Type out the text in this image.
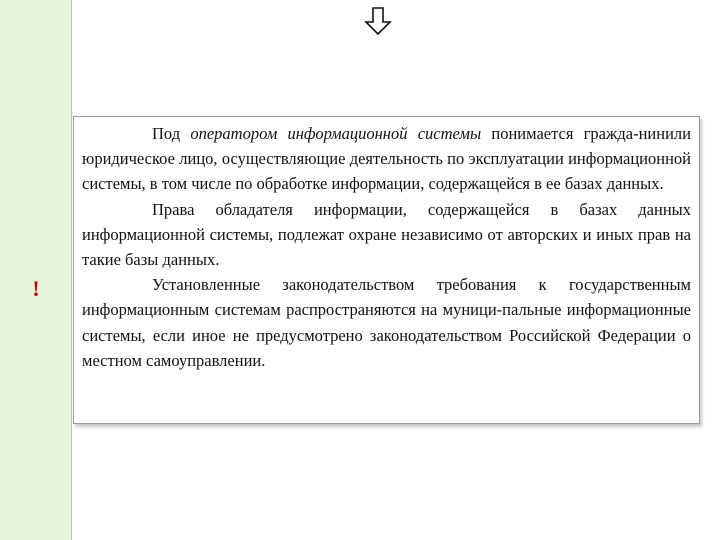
!

Под оператором информационной системы понимается гражда-нинили юридическое лицо, осуществляющие деятельность по эксплуатации информационной системы, в том числе по обработке информации, содержащейся в ее базах данных.

Права обладателя информации, содержащейся в базах данных информационной системы, подлежат охране независимо от авторских и иных прав на такие базы данных.

Установленные законодательством требования к государственным информационным системам распространяются на муници-пальные информационные системы, если иное не предусмотрено законодательством Российской Федерации о местном самоуправлении.
